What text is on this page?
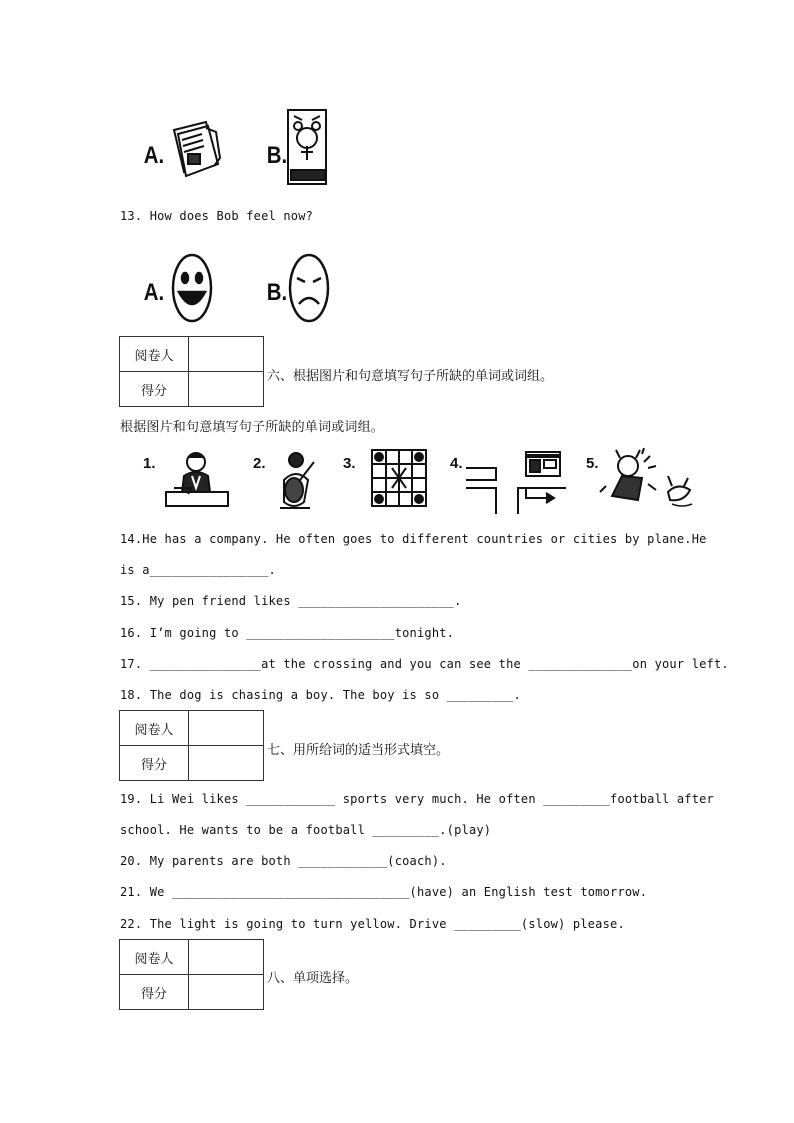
A.	B.
13. How does Bob feel now?
A.	B.
阅卷人	
得分	
六、根据图片和句意填写句子所缺的单词或词组。
根据图片和句意填写句子所缺的单词或词组。
1.	2.	3.	4.	5.
14.He has a company. He often goes to different countries or cities by plane.He
is a________________.
15. My pen friend likes _____________________.
16. I’m going to ____________________tonight.
17. _______________at the crossing and you can see the ______________on your left.
18. The dog is chasing a boy. The boy is so _________.
阅卷人	
得分	
七、用所给词的适当形式填空。
19. Li Wei likes ____________ sports very much. He often _________football after
school. He wants to be a football _________.(play)
20. My parents are both ____________(coach).
21. We ________________________________(have) an English test tomorrow.
22. The light is going to turn yellow. Drive _________(slow) please.
阅卷人	
得分	
八、单项选择。
